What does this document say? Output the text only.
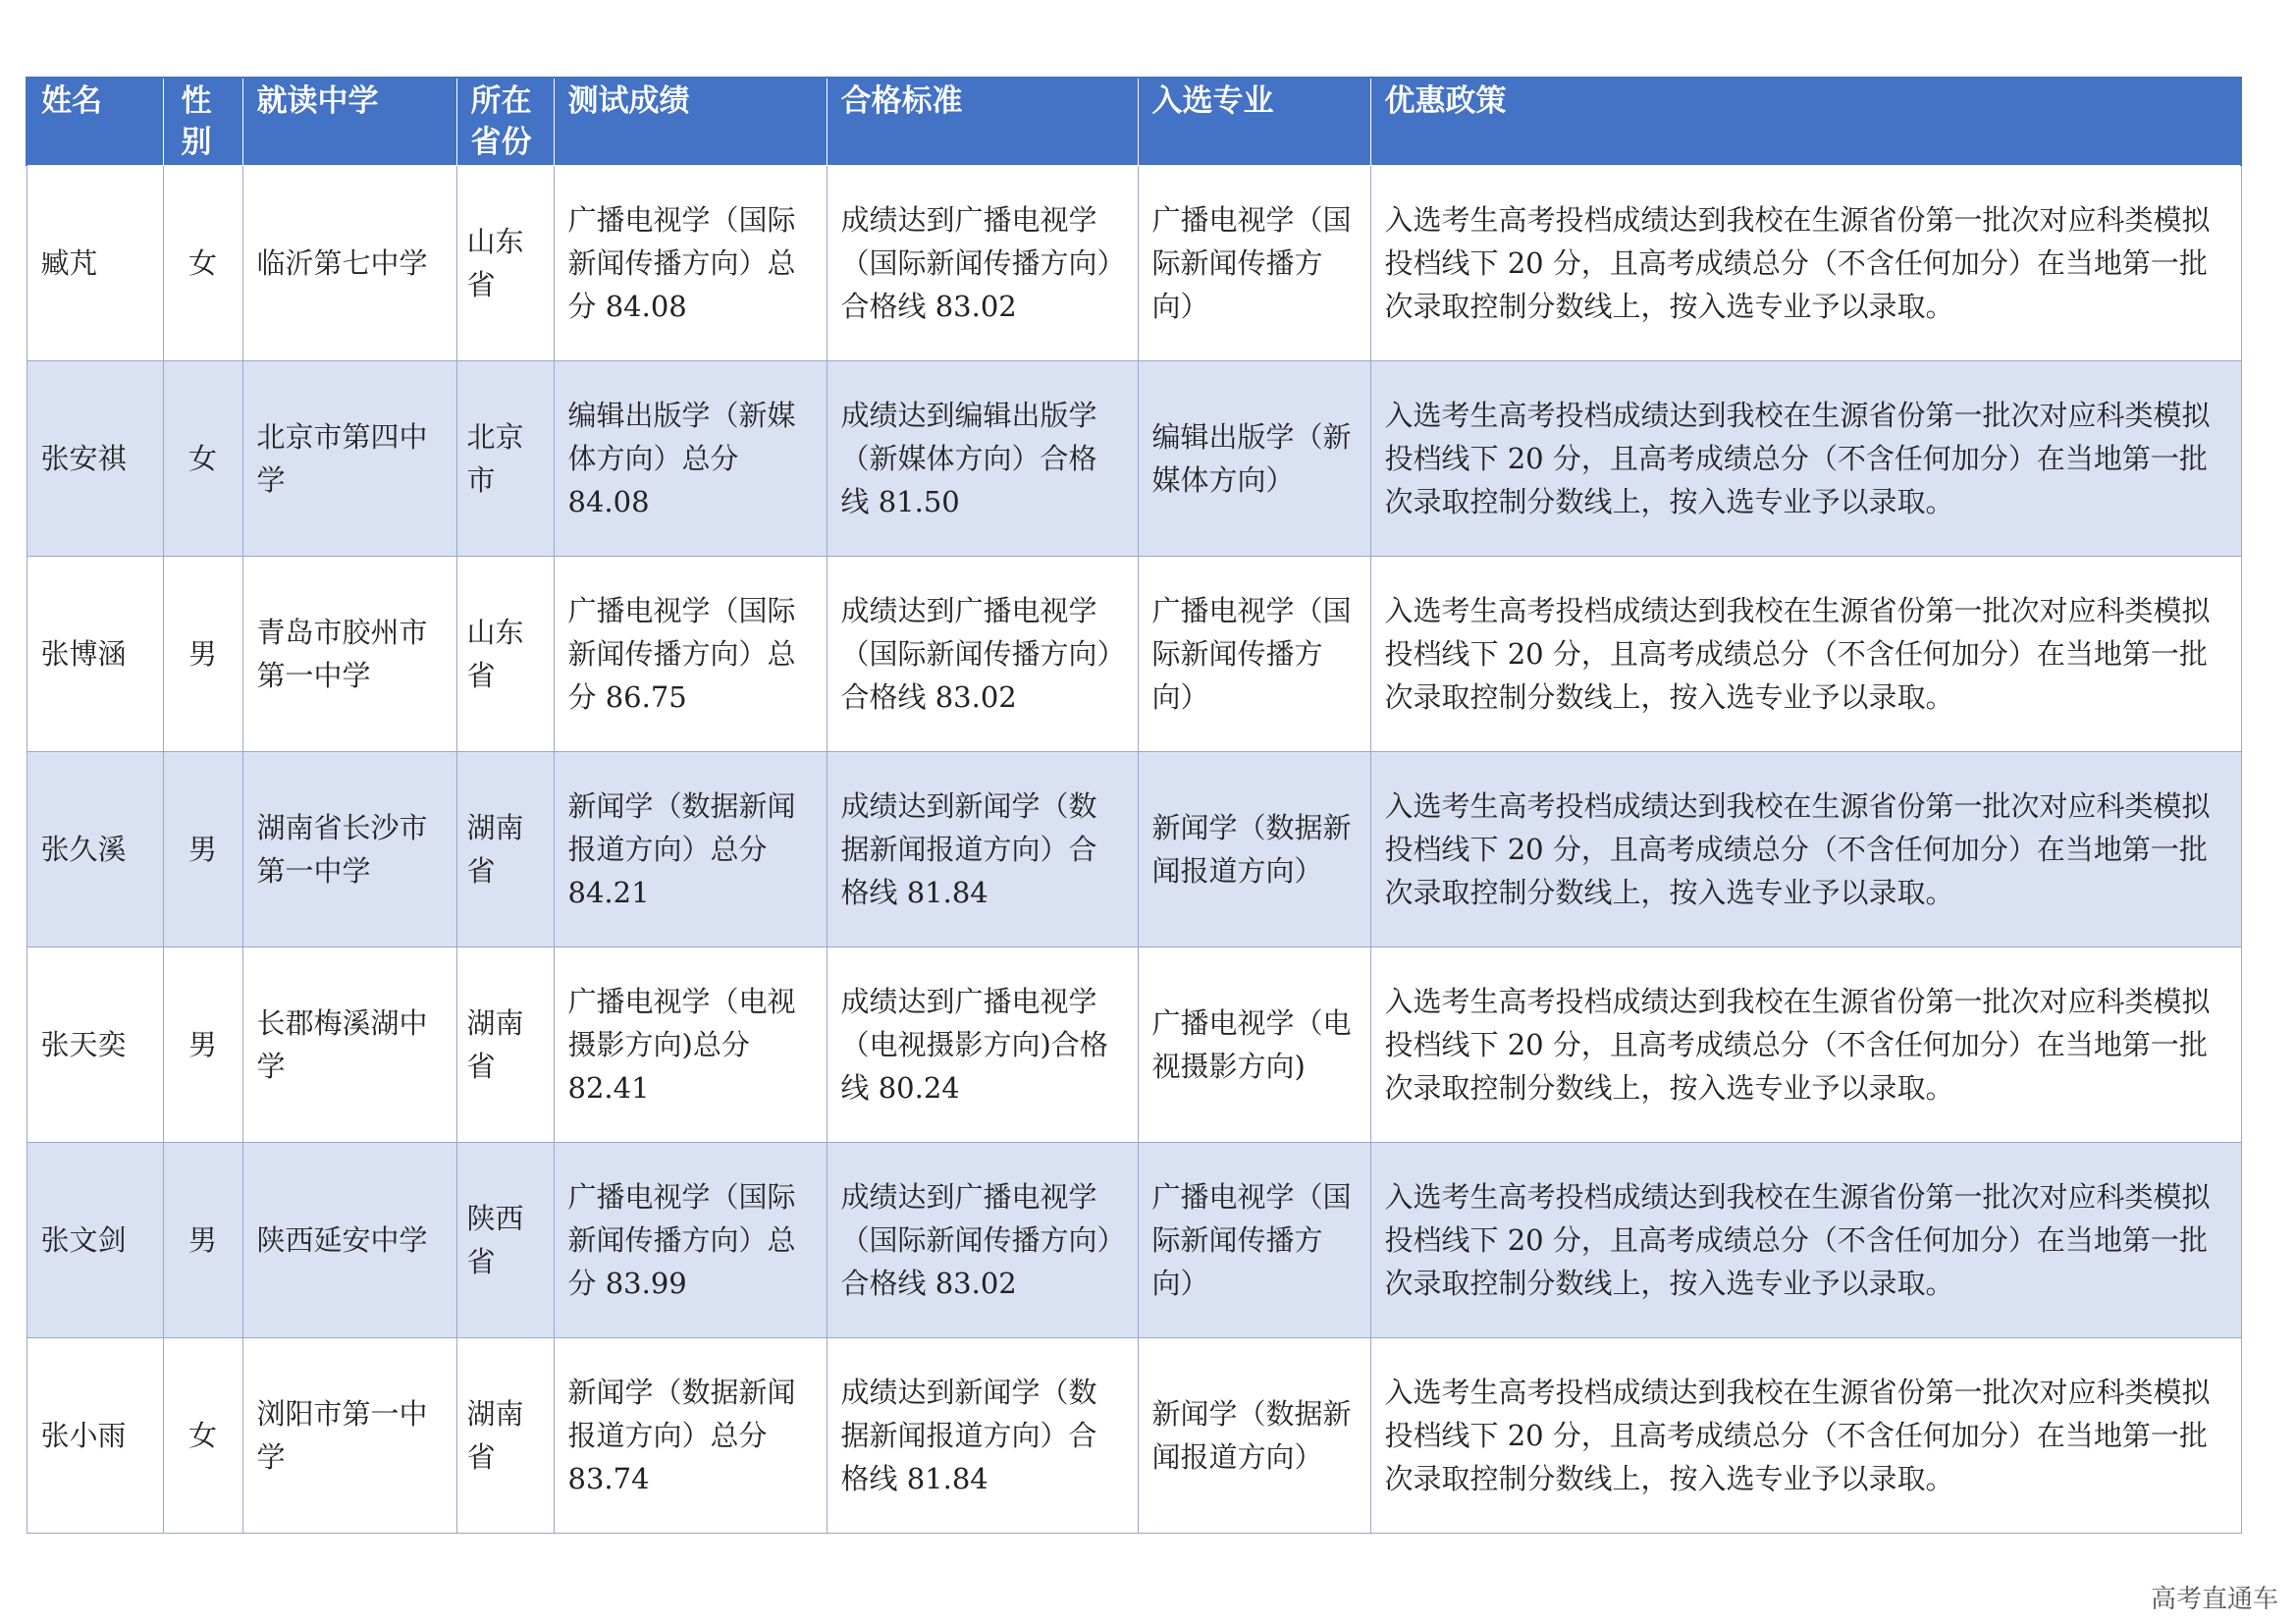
姓名	性别	就读中学	所在省份	测试成绩	合格标准	入选专业	优惠政策
臧芃	女	临沂第七中学	山东省	广播电视学（国际新闻传播方向）总分 84.08	成绩达到广播电视学（国际新闻传播方向）合格线 83.02	广播电视学（国际新闻传播方向）	入选考生高考投档成绩达到我校在生源省份第一批次对应科类模拟投档线下 20 分，且高考成绩总分（不含任何加分）在当地第一批次录取控制分数线上，按入选专业予以录取。
张安祺	女	北京市第四中学	北京市	编辑出版学（新媒体方向）总分 84.08	成绩达到编辑出版学（新媒体方向）合格线 81.50	编辑出版学（新媒体方向）	入选考生高考投档成绩达到我校在生源省份第一批次对应科类模拟投档线下 20 分，且高考成绩总分（不含任何加分）在当地第一批次录取控制分数线上，按入选专业予以录取。
张博涵	男	青岛市胶州市第一中学	山东省	广播电视学（国际新闻传播方向）总分 86.75	成绩达到广播电视学（国际新闻传播方向）合格线 83.02	广播电视学（国际新闻传播方向）	入选考生高考投档成绩达到我校在生源省份第一批次对应科类模拟投档线下 20 分，且高考成绩总分（不含任何加分）在当地第一批次录取控制分数线上，按入选专业予以录取。
张久溪	男	湖南省长沙市第一中学	湖南省	新闻学（数据新闻报道方向）总分 84.21	成绩达到新闻学（数据新闻报道方向）合格线 81.84	新闻学（数据新闻报道方向）	入选考生高考投档成绩达到我校在生源省份第一批次对应科类模拟投档线下 20 分，且高考成绩总分（不含任何加分）在当地第一批次录取控制分数线上，按入选专业予以录取。
张天奕	男	长郡梅溪湖中学	湖南省	广播电视学（电视摄影方向)总分 82.41	成绩达到广播电视学（电视摄影方向)合格线 80.24	广播电视学（电视摄影方向)	入选考生高考投档成绩达到我校在生源省份第一批次对应科类模拟投档线下 20 分，且高考成绩总分（不含任何加分）在当地第一批次录取控制分数线上，按入选专业予以录取。
张文剑	男	陕西延安中学	陕西省	广播电视学（国际新闻传播方向）总分 83.99	成绩达到广播电视学（国际新闻传播方向）合格线 83.02	广播电视学（国际新闻传播方向）	入选考生高考投档成绩达到我校在生源省份第一批次对应科类模拟投档线下 20 分，且高考成绩总分（不含任何加分）在当地第一批次录取控制分数线上，按入选专业予以录取。
张小雨	女	浏阳市第一中学	湖南省	新闻学（数据新闻报道方向）总分 83.74	成绩达到新闻学（数据新闻报道方向）合格线 81.84	新闻学（数据新闻报道方向）	入选考生高考投档成绩达到我校在生源省份第一批次对应科类模拟投档线下 20 分，且高考成绩总分（不含任何加分）在当地第一批次录取控制分数线上，按入选专业予以录取。
高考直通车
